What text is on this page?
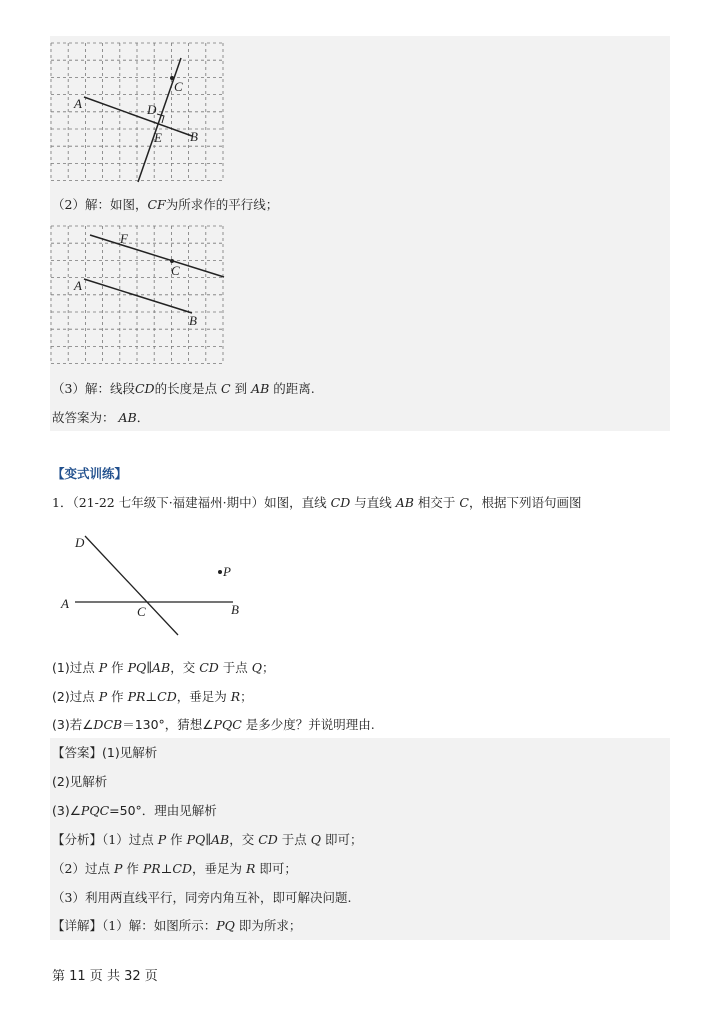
C
A	D
E B
（2）解：如图，CF为所求作的平行线；
F
C
A
B
（3）解：线段CD的长度是点 C 到 AB 的距离.
故答案为： AB．
【变式训练】
1．（21-22 七年级下·福建福州·期中）如图，直线 CD 与直线 AB 相交于 C，根据下列语句画图
D
P
A
C	B
(1)过点 P 作 PQ∥AB，交 CD 于点 Q；
(2)过点 P 作 PR⊥CD，垂足为 R；
(3)若∠DCB＝130°，猜想∠PQC 是多少度？并说明理由.
【答案】(1)见解析
(2)见解析
(3)∠PQC=50°．理由见解析
【分析】（1）过点 P 作 PQ∥AB，交 CD 于点 Q 即可；
（2）过点 P 作 PR⊥CD，垂足为 R 即可；
（3）利用两直线平行，同旁内角互补，即可解决问题.
【详解】（1）解：如图所示：PQ 即为所求；
第 11 页 共 32 页
